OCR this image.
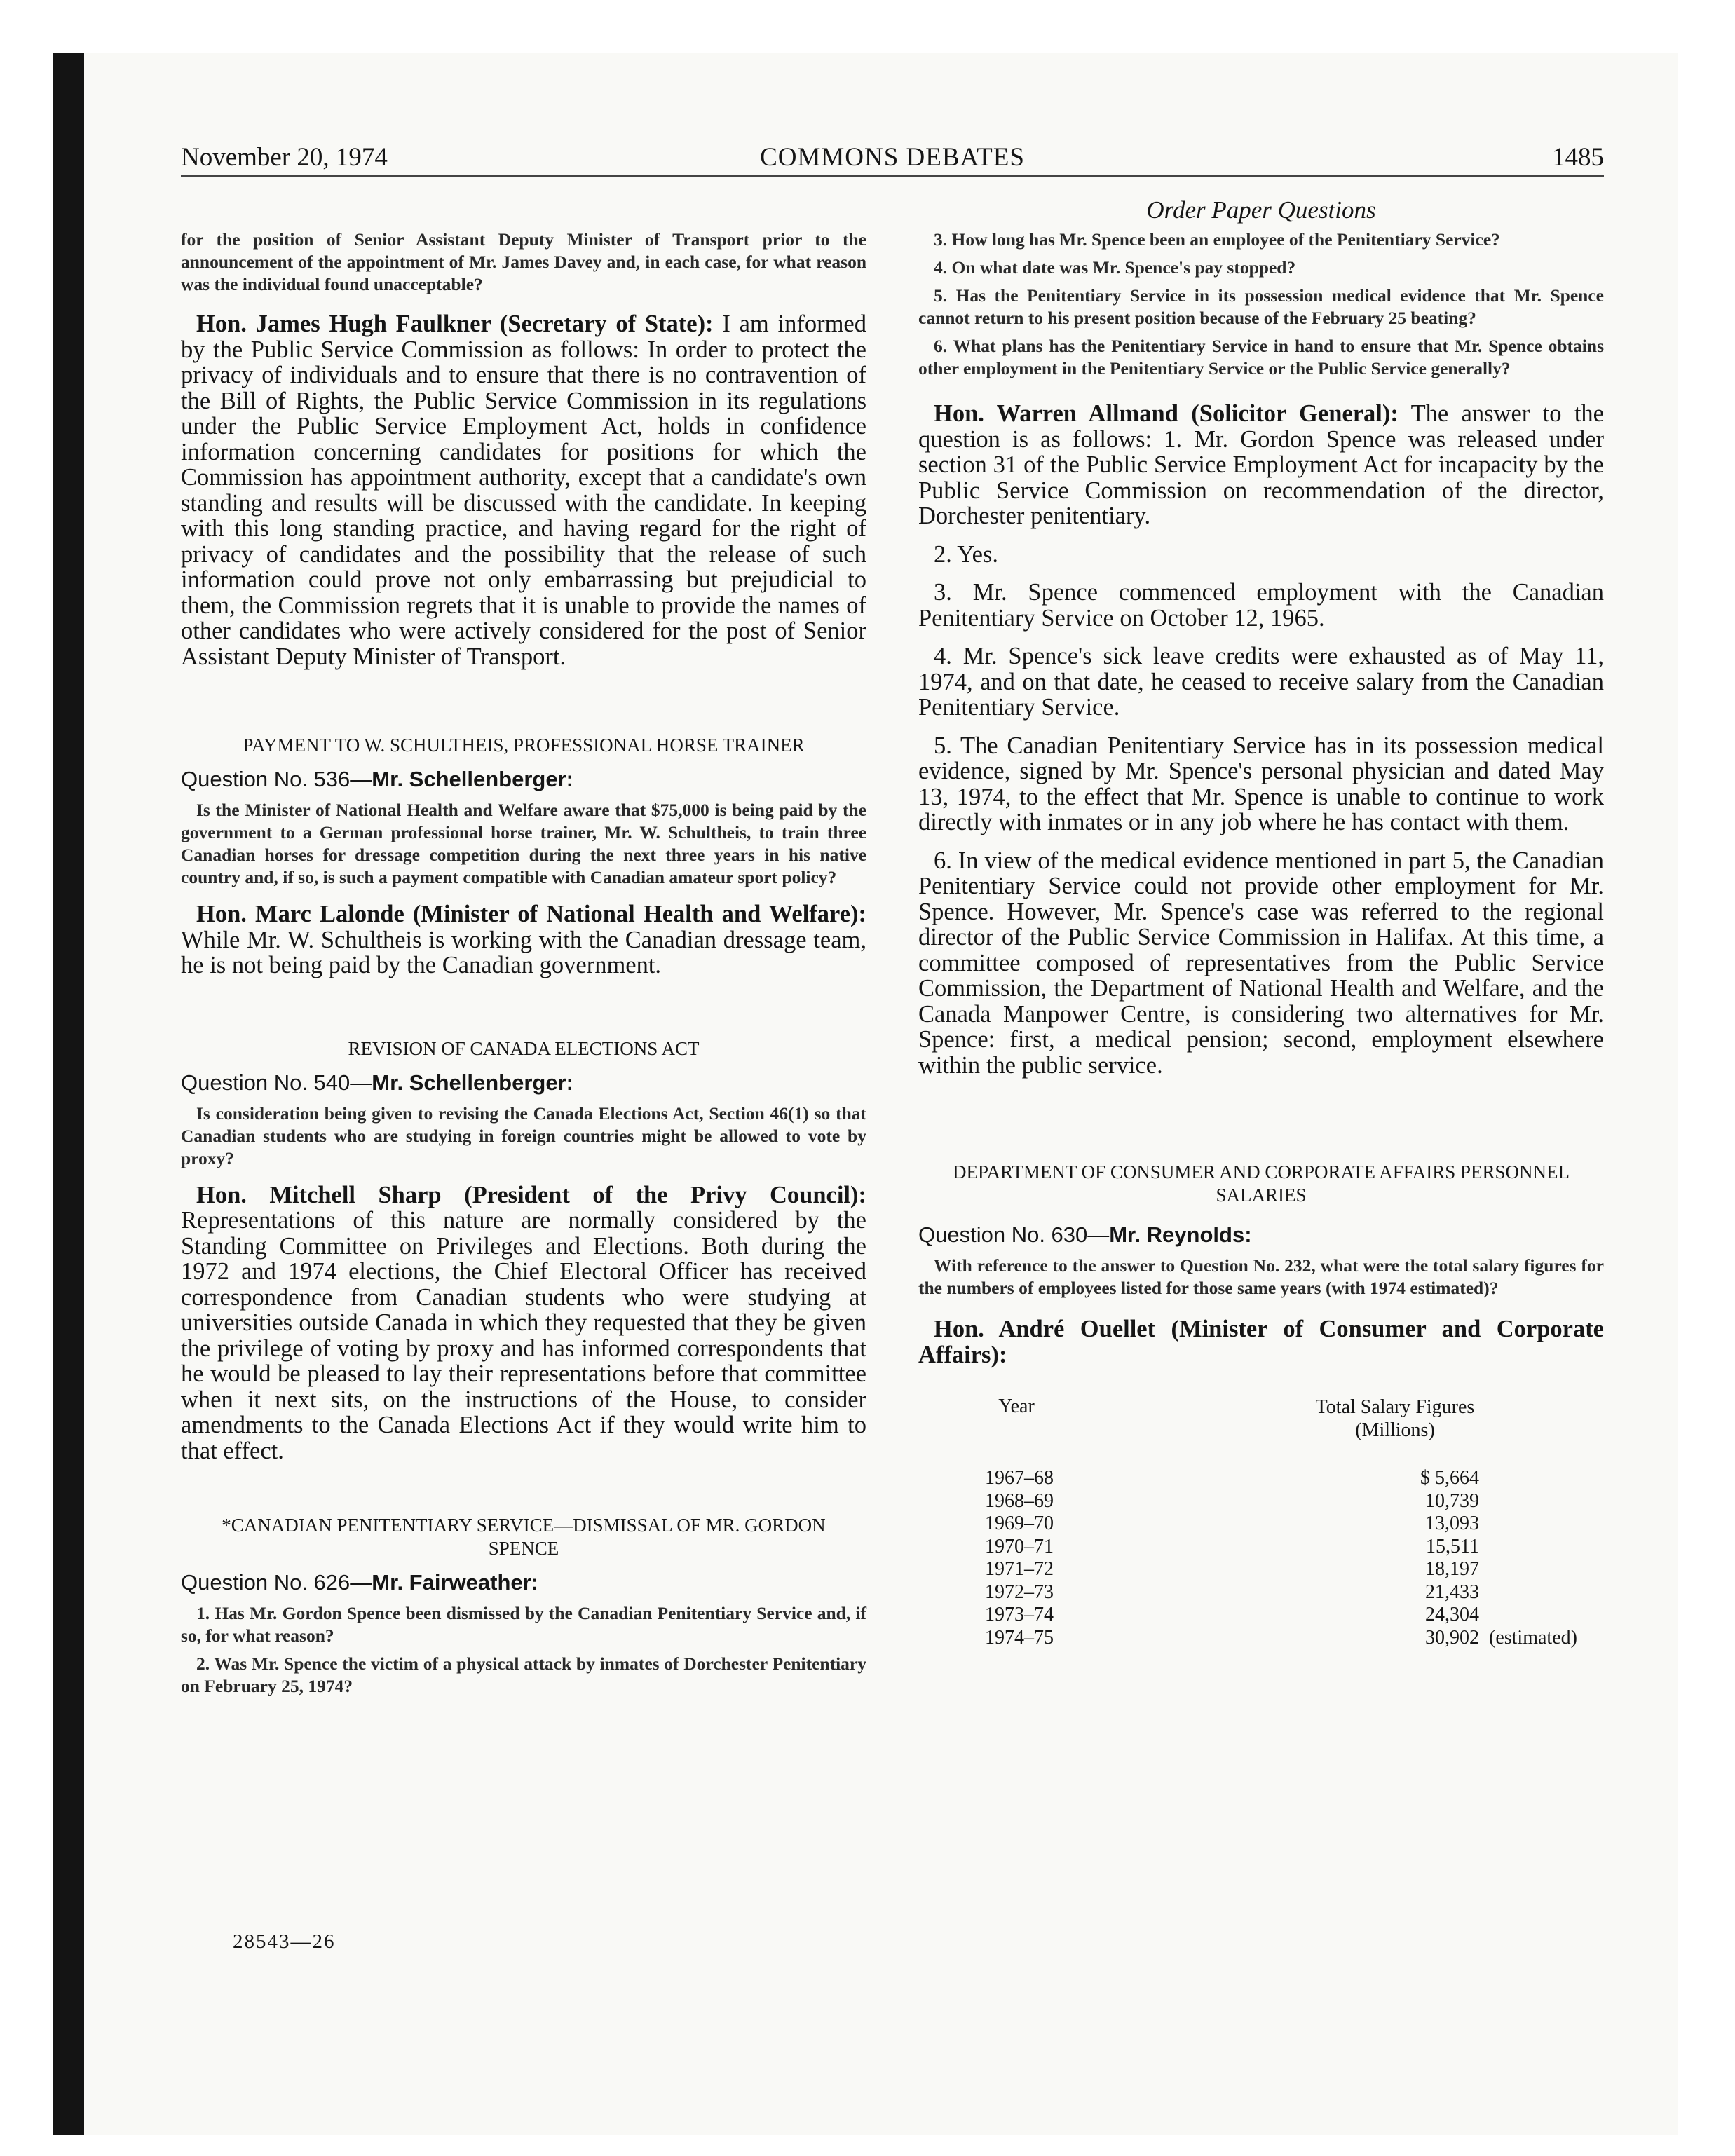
November 20, 1974	COMMONS DEBATES	1485
Order Paper Questions

for the position of Senior Assistant Deputy Minister of Transport prior to the announcement of the appointment of Mr. James Davey and, in each case, for what reason was the individual found unacceptable?

Hon. James Hugh Faulkner (Secretary of State): I am informed by the Public Service Commission as follows: In order to protect the privacy of individuals and to ensure that there is no contravention of the Bill of Rights, the Public Service Commission in its regulations under the Public Service Employment Act, holds in confidence information concerning candidates for positions for which the Commission has appointment authority, except that a candidate's own standing and results will be discussed with the candidate. In keeping with this long standing practice, and having regard for the right of privacy of candidates and the possibility that the release of such information could prove not only embarrassing but prejudicial to them, the Commission regrets that it is unable to provide the names of other candidates who were actively considered for the post of Senior Assistant Deputy Minister of Transport.

PAYMENT TO W. SCHULTHEIS, PROFESSIONAL HORSE TRAINER

Question No. 536—Mr. Schellenberger:

Is the Minister of National Health and Welfare aware that $75,000 is being paid by the government to a German professional horse trainer, Mr. W. Schultheis, to train three Canadian horses for dressage competition during the next three years in his native country and, if so, is such a payment compatible with Canadian amateur sport policy?

Hon. Marc Lalonde (Minister of National Health and Welfare): While Mr. W. Schultheis is working with the Canadian dressage team, he is not being paid by the Canadian government.

REVISION OF CANADA ELECTIONS ACT

Question No. 540—Mr. Schellenberger:

Is consideration being given to revising the Canada Elections Act, Section 46(1) so that Canadian students who are studying in foreign countries might be allowed to vote by proxy?

Hon. Mitchell Sharp (President of the Privy Council): Representations of this nature are normally considered by the Standing Committee on Privileges and Elections. Both during the 1972 and 1974 elections, the Chief Electoral Officer has received correspondence from Canadian students who were studying at universities outside Canada in which they requested that they be given the privilege of voting by proxy and has informed correspondents that he would be pleased to lay their representations before that committee when it next sits, on the instructions of the House, to consider amendments to the Canada Elections Act if they would write him to that effect.

*CANADIAN PENITENTIARY SERVICE—DISMISSAL OF MR. GORDON SPENCE

Question No. 626—Mr. Fairweather:

1. Has Mr. Gordon Spence been dismissed by the Canadian Penitentiary Service and, if so, for what reason?

2. Was Mr. Spence the victim of a physical attack by inmates of Dorchester Penitentiary on February 25, 1974?

28543—26

3. How long has Mr. Spence been an employee of the Penitentiary Service?

4. On what date was Mr. Spence's pay stopped?

5. Has the Penitentiary Service in its possession medical evidence that Mr. Spence cannot return to his present position because of the February 25 beating?

6. What plans has the Penitentiary Service in hand to ensure that Mr. Spence obtains other employment in the Penitentiary Service or the Public Service generally?

Hon. Warren Allmand (Solicitor General): The answer to the question is as follows: 1. Mr. Gordon Spence was released under section 31 of the Public Service Employment Act for incapacity by the Public Service Commission on recommendation of the director, Dorchester penitentiary.

2. Yes.

3. Mr. Spence commenced employment with the Canadian Penitentiary Service on October 12, 1965.

4. Mr. Spence's sick leave credits were exhausted as of May 11, 1974, and on that date, he ceased to receive salary from the Canadian Penitentiary Service.

5. The Canadian Penitentiary Service has in its possession medical evidence, signed by Mr. Spence's personal physician and dated May 13, 1974, to the effect that Mr. Spence is unable to continue to work directly with inmates or in any job where he has contact with them.

6. In view of the medical evidence mentioned in part 5, the Canadian Penitentiary Service could not provide other employment for Mr. Spence. However, Mr. Spence's case was referred to the regional director of the Public Service Commission in Halifax. At this time, a committee composed of representatives from the Public Service Commission, the Department of National Health and Welfare, and the Canada Manpower Centre, is considering two alternatives for Mr. Spence: first, a medical pension; second, employment elsewhere within the public service.

DEPARTMENT OF CONSUMER AND CORPORATE AFFAIRS PERSONNEL SALARIES

Question No. 630—Mr. Reynolds:

With reference to the answer to Question No. 232, what were the total salary figures for the numbers of employees listed for those same years (with 1974 estimated)?

Hon. André Ouellet (Minister of Consumer and Corporate Affairs):

Year	Total Salary Figures
(Millions)
1967–68	$ 5,664
1968–69	10,739
1969–70	13,093
1970–71	15,511
1971–72	18,197
1972–73	21,433
1973–74	24,304
1974–75	30,902 (estimated)
